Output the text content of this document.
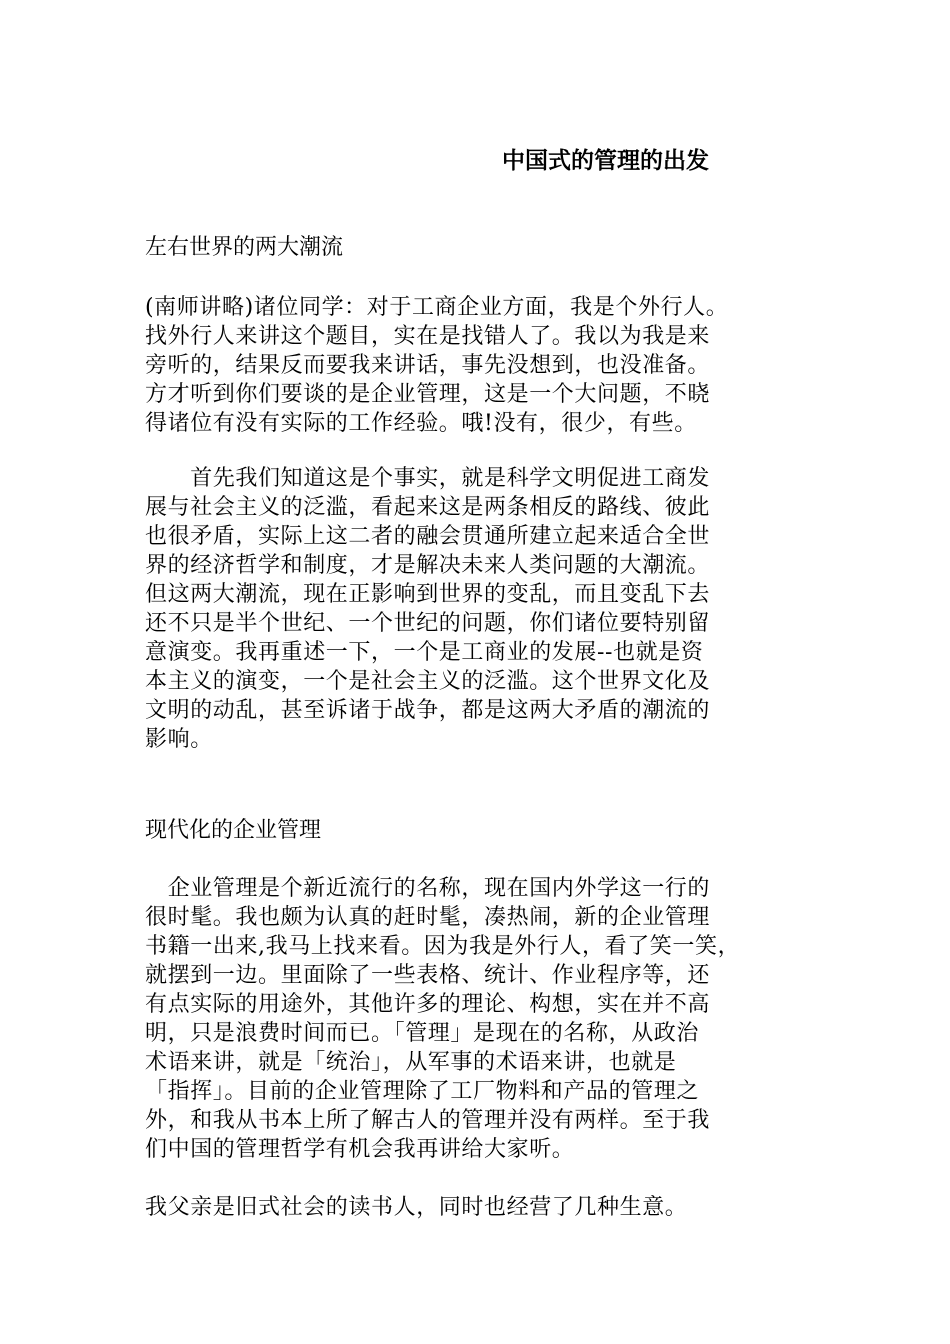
中国式的管理的出发
左右世界的两大潮流
(南师讲略)诸位同学：对于工商企业方面，我是个外行人。
找外行人来讲这个题目，实在是找错人了。我以为我是来
旁听的，结果反而要我来讲话，事先没想到，也没准备。
方才听到你们要谈的是企业管理，这是一个大问题，不晓
得诸位有没有实际的工作经验。哦!没有，很少，有些。
　　首先我们知道这是个事实，就是科学文明促进工商发
展与社会主义的泛滥，看起来这是两条相反的路线、彼此
也很矛盾，实际上这二者的融会贯通所建立起来适合全世
界的经济哲学和制度，才是解决未来人类问题的大潮流。
但这两大潮流，现在正影响到世界的变乱，而且变乱下去
还不只是半个世纪、一个世纪的问题，你们诸位要特别留
意演变。我再重述一下，一个是工商业的发展--也就是资
本主义的演变，一个是社会主义的泛滥。这个世界文化及
文明的动乱，甚至诉诸于战争，都是这两大矛盾的潮流的
影响。
现代化的企业管理
　企业管理是个新近流行的名称，现在国内外学这一行的
很时髦。我也颇为认真的赶时髦，凑热闹，新的企业管理
书籍一出来,我马上找来看。因为我是外行人，看了笑一笑，
就摆到一边。里面除了一些表格、统计、作业程序等，还
有点实际的用途外，其他许多的理论、构想，实在并不高
明，只是浪费时间而已。「管理」是现在的名称，从政治
术语来讲，就是「统治」，从军事的术语来讲，也就是
「指挥」。目前的企业管理除了工厂物料和产品的管理之
外，和我从书本上所了解古人的管理并没有两样。至于我
们中国的管理哲学有机会我再讲给大家听。
我父亲是旧式社会的读书人，同时也经营了几种生意。
